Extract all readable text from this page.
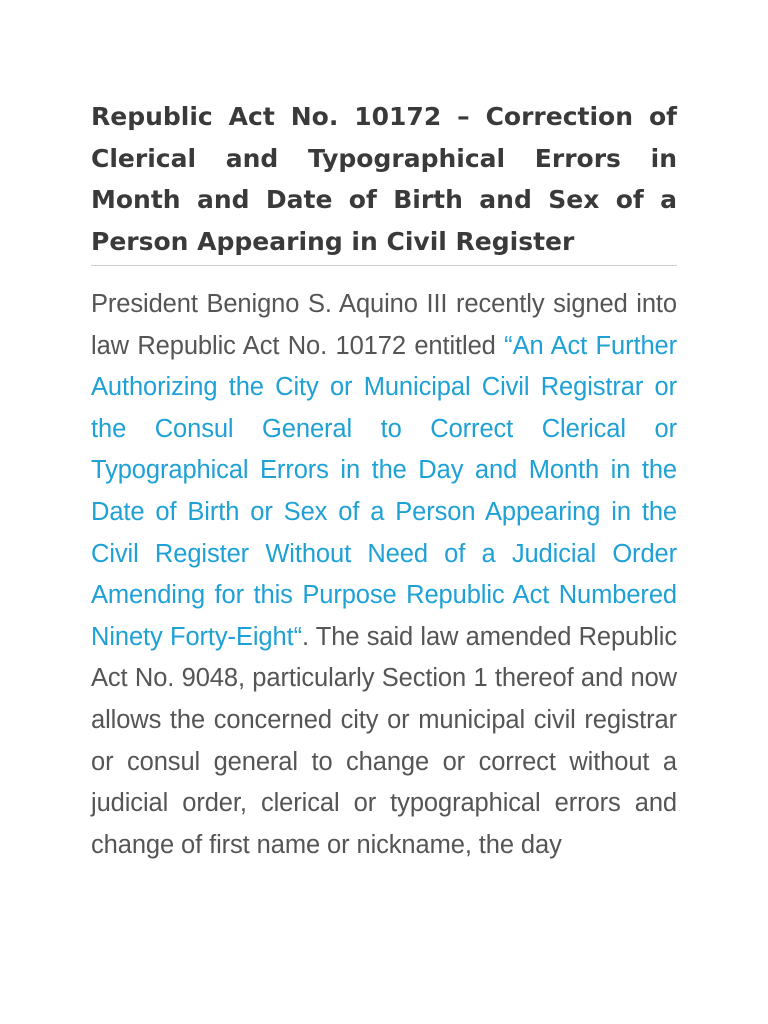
Republic Act No. 10172 – Correction of Clerical and Typographical Errors in Month and Date of Birth and Sex of a Person Appearing in Civil Register

President Benigno S. Aquino III recently signed into law Republic Act No. 10172 entitled “An Act Further Authorizing the City or Municipal Civil Registrar or the Consul General to Correct Clerical or Typographical Errors in the Day and Month in the Date of Birth or Sex of a Person Appearing in the Civil Register Without Need of a Judicial Order Amending for this Purpose Republic Act Numbered Ninety Forty-Eight“. The said law amended Republic Act No. 9048, particularly Section 1 thereof and now allows the concerned city or municipal civil registrar or consul general to change or correct without a judicial order, clerical or typographical errors and change of first name or nickname, the day
